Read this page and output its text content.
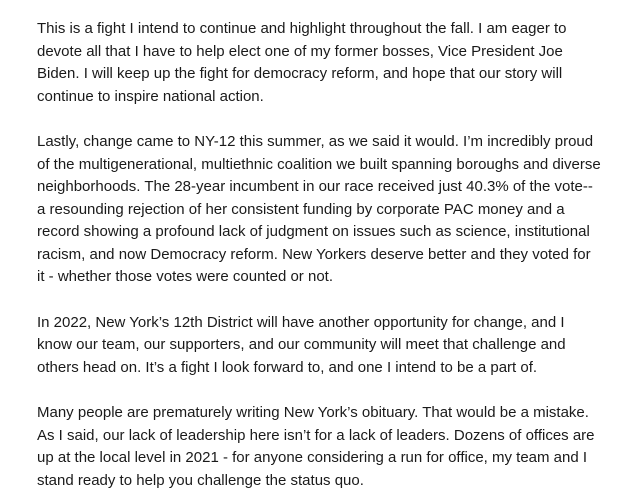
This is a fight I intend to continue and highlight throughout the fall. I am eager to devote all that I have to help elect one of my former bosses, Vice President Joe Biden. I will keep up the fight for democracy reform, and hope that our story will continue to inspire national action.

Lastly, change came to NY-12 this summer, as we said it would. I’m incredibly proud of the multigenerational, multiethnic coalition we built spanning boroughs and diverse neighborhoods. The 28-year incumbent in our race received just 40.3% of the vote-- a resounding rejection of her consistent funding by corporate PAC money and a record showing a profound lack of judgment on issues such as science, institutional racism, and now Democracy reform. New Yorkers deserve better and they voted for it - whether those votes were counted or not.

In 2022, New York’s 12th District will have another opportunity for change, and I know our team, our supporters, and our community will meet that challenge and others head on. It’s a fight I look forward to, and one I intend to be a part of.

Many people are prematurely writing New York’s obituary. That would be a mistake. As I said, our lack of leadership here isn’t for a lack of leaders. Dozens of offices are up at the local level in 2021 - for anyone considering a run for office, my team and I stand ready to help you challenge the status quo.
